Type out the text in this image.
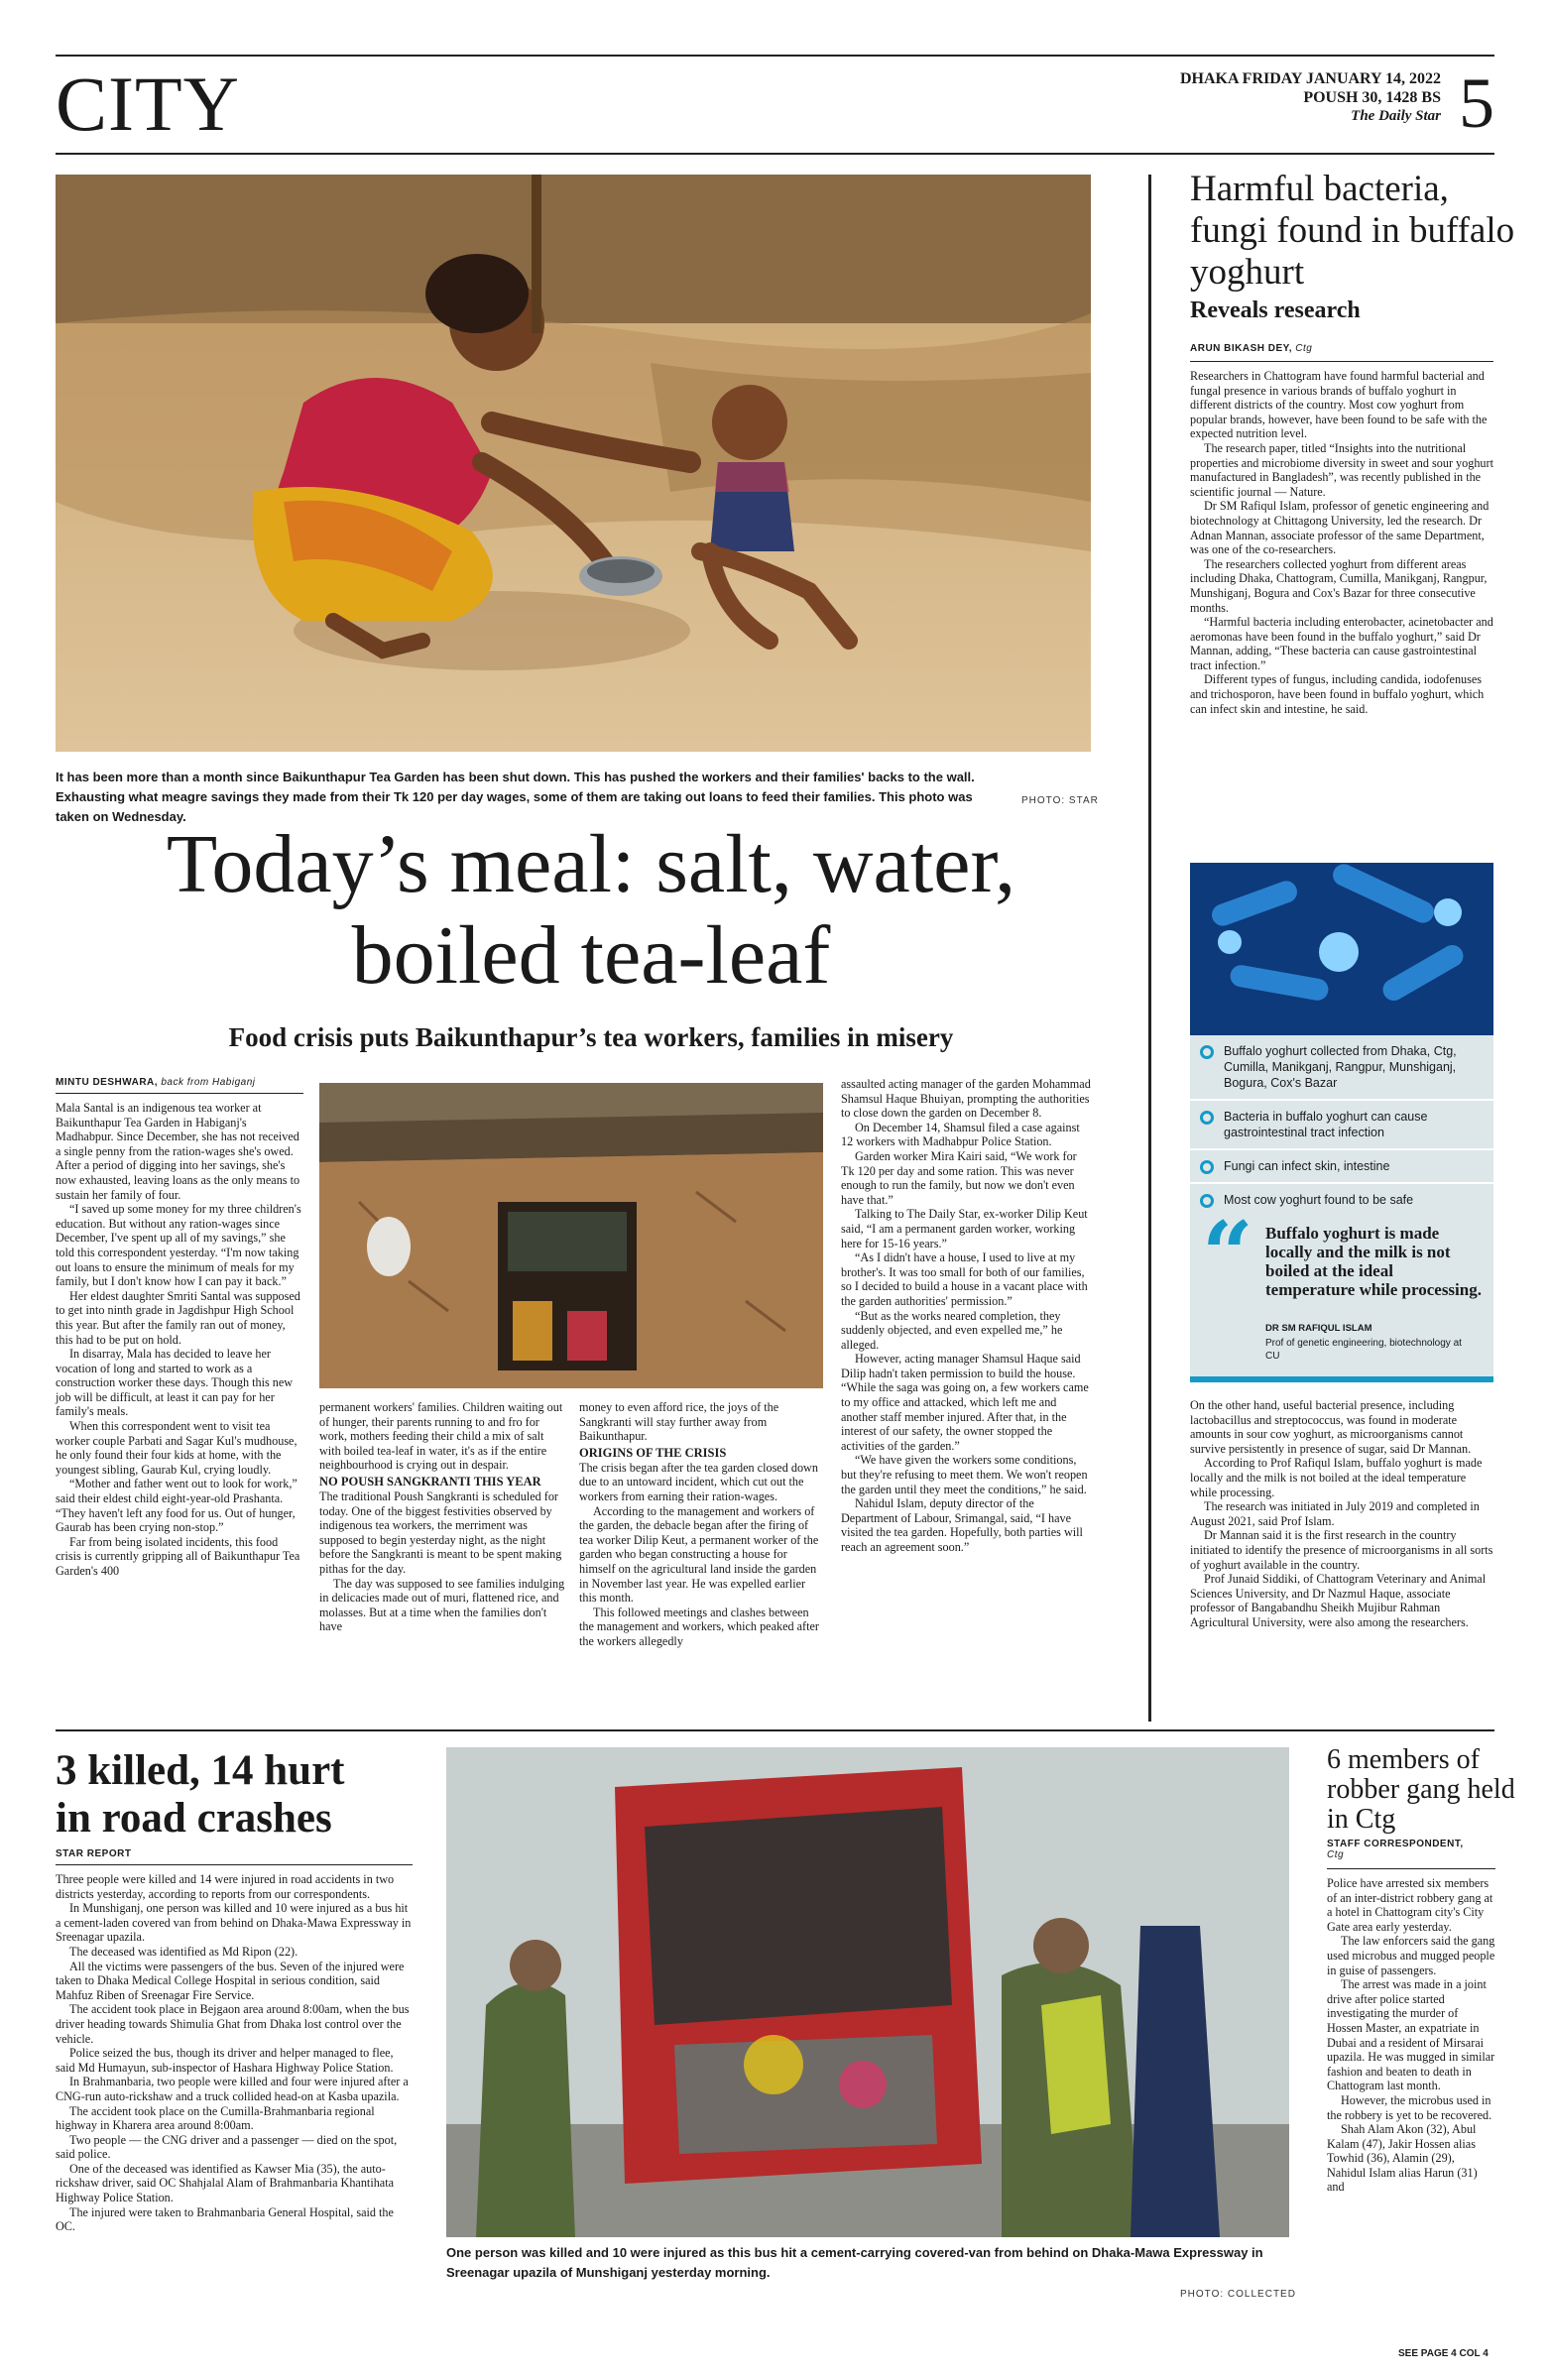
CITY	DHAKA FRIDAY JANUARY 14, 2022
POUSH 30, 1428 BS
The Daily Star 5
It has been more than a month since Baikunthapur Tea Garden has been shut down. This has pushed the workers and their families' backs to the wall. Exhausting what meagre savings they made from their Tk 120 per day wages, some of them are taking out loans to feed their families. This photo was taken on Wednesday.
PHOTO: STAR
Today’s meal: salt, water,
boiled tea-leaf
Food crisis puts Baikunthapur’s tea workers, families in misery
MINTU DESHWARA, back from Habiganj

Mala Santal is an indigenous tea worker at Baikunthapur Tea Garden in Habiganj's Madhabpur. Since December, she has not received a single penny from the ration-wages she's owed. After a period of digging into her savings, she's now exhausted, leaving loans as the only means to sustain her family of four.

“I saved up some money for my three children's education. But without any ration-wages since December, I've spent up all of my savings,” she told this correspondent yesterday. “I'm now taking out loans to ensure the minimum of meals for my family, but I don't know how I can pay it back.”

Her eldest daughter Smriti Santal was supposed to get into ninth grade in Jagdishpur High School this year. But after the family ran out of money, this had to be put on hold.

In disarray, Mala has decided to leave her vocation of long and started to work as a construction worker these days. Though this new job will be difficult, at least it can pay for her family's meals.

When this correspondent went to visit tea worker couple Parbati and Sagar Kul's mudhouse, he only found their four kids at home, with the youngest sibling, Gaurab Kul, crying loudly.

“Mother and father went out to look for work,” said their eldest child eight-year-old Prashanta. “They haven't left any food for us. Out of hunger, Gaurab has been crying non-stop.”

Far from being isolated incidents, this food crisis is currently gripping all of Baikunthapur Tea Garden's 400

permanent workers' families. Children waiting out of hunger, their parents running to and fro for work, mothers feeding their child a mix of salt with boiled tea-leaf in water, it's as if the entire neighbourhood is crying out in despair.

NO POUSH SANGKRANTI THIS YEAR

The traditional Poush Sangkranti is scheduled for today. One of the biggest festivities observed by indigenous tea workers, the merriment was supposed to begin yesterday night, as the night before the Sangkranti is meant to be spent making pithas for the day.

The day was supposed to see families indulging in delicacies made out of muri, flattened rice, and molasses. But at a time when the families don't have

money to even afford rice, the joys of the Sangkranti will stay further away from Baikunthapur.

ORIGINS OF THE CRISIS

The crisis began after the tea garden closed down due to an untoward incident, which cut out the workers from earning their ration-wages.

According to the management and workers of the garden, the debacle began after the firing of tea worker Dilip Keut, a permanent worker of the garden who began constructing a house for himself on the agricultural land inside the garden in November last year. He was expelled earlier this month.

This followed meetings and clashes between the management and workers, which peaked after the workers allegedly

assaulted acting manager of the garden Mohammad Shamsul Haque Bhuiyan, prompting the authorities to close down the garden on December 8.

On December 14, Shamsul filed a case against 12 workers with Madhabpur Police Station.

Garden worker Mira Kairi said, “We work for Tk 120 per day and some ration. This was never enough to run the family, but now we don't even have that.”

Talking to The Daily Star, ex-worker Dilip Keut said, “I am a permanent garden worker, working here for 15-16 years.”

“As I didn't have a house, I used to live at my brother's. It was too small for both of our families, so I decided to build a house in a vacant place with the garden authorities' permission.”

“But as the works neared completion, they suddenly objected, and even expelled me,” he alleged.

However, acting manager Shamsul Haque said Dilip hadn't taken permission to build the house. “While the saga was going on, a few workers came to my office and attacked, which left me and another staff member injured. After that, in the interest of our safety, the owner stopped the activities of the garden.”

“We have given the workers some conditions, but they're refusing to meet them. We won't reopen the garden until they meet the conditions,” he said.

Nahidul Islam, deputy director of the Department of Labour, Srimangal, said, “I have visited the tea garden. Hopefully, both parties will reach an agreement soon.”

Harmful bacteria, fungi found in buffalo yoghurt
Reveals research
ARUN BIKASH DEY, Ctg

Researchers in Chattogram have found harmful bacterial and fungal presence in various brands of buffalo yoghurt in different districts of the country. Most cow yoghurt from popular brands, however, have been found to be safe with the expected nutrition level.

The research paper, titled “Insights into the nutritional properties and microbiome diversity in sweet and sour yoghurt manufactured in Bangladesh”, was recently published in the scientific journal — Nature.

Dr SM Rafiqul Islam, professor of genetic engineering and biotechnology at Chittagong University, led the research. Dr Adnan Mannan, associate professor of the same Department, was one of the co-researchers.

The researchers collected yoghurt from different areas including Dhaka, Chattogram, Cumilla, Manikganj, Rangpur, Munshiganj, Bogura and Cox's Bazar for three consecutive months.

“Harmful bacteria including enterobacter, acinetobacter and aeromonas have been found in the buffalo yoghurt,” said Dr Mannan, adding, “These bacteria can cause gastrointestinal tract infection.”

Different types of fungus, including candida, iodofenuses and trichosporon, have been found in buffalo yoghurt, which can infect skin and intestine, he said.

Buffalo yoghurt collected from Dhaka, Ctg, Cumilla, Manikganj, Rangpur, Munshiganj, Bogura, Cox's Bazar
Bacteria in buffalo yoghurt can cause gastrointestinal tract infection
Fungi can infect skin, intestine
Most cow yoghurt found to be safe
“ Buffalo yoghurt is made locally and the milk is not boiled at the ideal temperature while processing.
DR SM RAFIQUL ISLAM
Prof of genetic engineering, biotechnology at CU

On the other hand, useful bacterial presence, including lactobacillus and streptococcus, was found in moderate amounts in sour cow yoghurt, as microorganisms cannot survive persistently in presence of sugar, said Dr Mannan.

According to Prof Rafiqul Islam, buffalo yoghurt is made locally and the milk is not boiled at the ideal temperature while processing.

The research was initiated in July 2019 and completed in August 2021, said Prof Islam.

Dr Mannan said it is the first research in the country initiated to identify the presence of microorganisms in all sorts of yoghurt available in the country.

Prof Junaid Siddiki, of Chattogram Veterinary and Animal Sciences University, and Dr Nazmul Haque, associate professor of Bangabandhu Sheikh Mujibur Rahman Agricultural University, were also among the researchers.

3 killed, 14 hurt
in road crashes
STAR REPORT

Three people were killed and 14 were injured in road accidents in two districts yesterday, according to reports from our correspondents.

In Munshiganj, one person was killed and 10 were injured as a bus hit a cement-laden covered van from behind on Dhaka-Mawa Expressway in Sreenagar upazila.

The deceased was identified as Md Ripon (22).

All the victims were passengers of the bus. Seven of the injured were taken to Dhaka Medical College Hospital in serious condition, said Mahfuz Riben of Sreenagar Fire Service.

The accident took place in Bejgaon area around 8:00am, when the bus driver heading towards Shimulia Ghat from Dhaka lost control over the vehicle.

Police seized the bus, though its driver and helper managed to flee, said Md Humayun, sub-inspector of Hashara Highway Police Station.

In Brahmanbaria, two people were killed and four were injured after a CNG-run auto-rickshaw and a truck collided head-on at Kasba upazila.

The accident took place on the Cumilla-Brahmanbaria regional highway in Kharera area around 8:00am.

Two people — the CNG driver and a passenger — died on the spot, said police.

One of the deceased was identified as Kawser Mia (35), the auto-rickshaw driver, said OC Shahjalal Alam of Brahmanbaria Khantihata Highway Police Station.

The injured were taken to Brahmanbaria General Hospital, said the OC.

One person was killed and 10 were injured as this bus hit a cement-carrying covered-van from behind on Dhaka-Mawa Expressway in Sreenagar upazila of Munshiganj yesterday morning.
PHOTO: COLLECTED
6 members of robber gang held in Ctg
STAFF CORRESPONDENT,
Ctg

Police have arrested six members of an inter-district robbery gang at a hotel in Chattogram city's City Gate area early yesterday.

The law enforcers said the gang used microbus and mugged people in guise of passengers.

The arrest was made in a joint drive after police started investigating the murder of Hossen Master, an expatriate in Dubai and a resident of Mirsarai upazila. He was mugged in similar fashion and beaten to death in Chattogram last month.

However, the microbus used in the robbery is yet to be recovered.

Shah Alam Akon (32), Abul Kalam (47), Jakir Hossen alias Towhid (36), Alamin (29), Nahidul Islam alias Harun (31) and

SEE PAGE 4 COL 4
